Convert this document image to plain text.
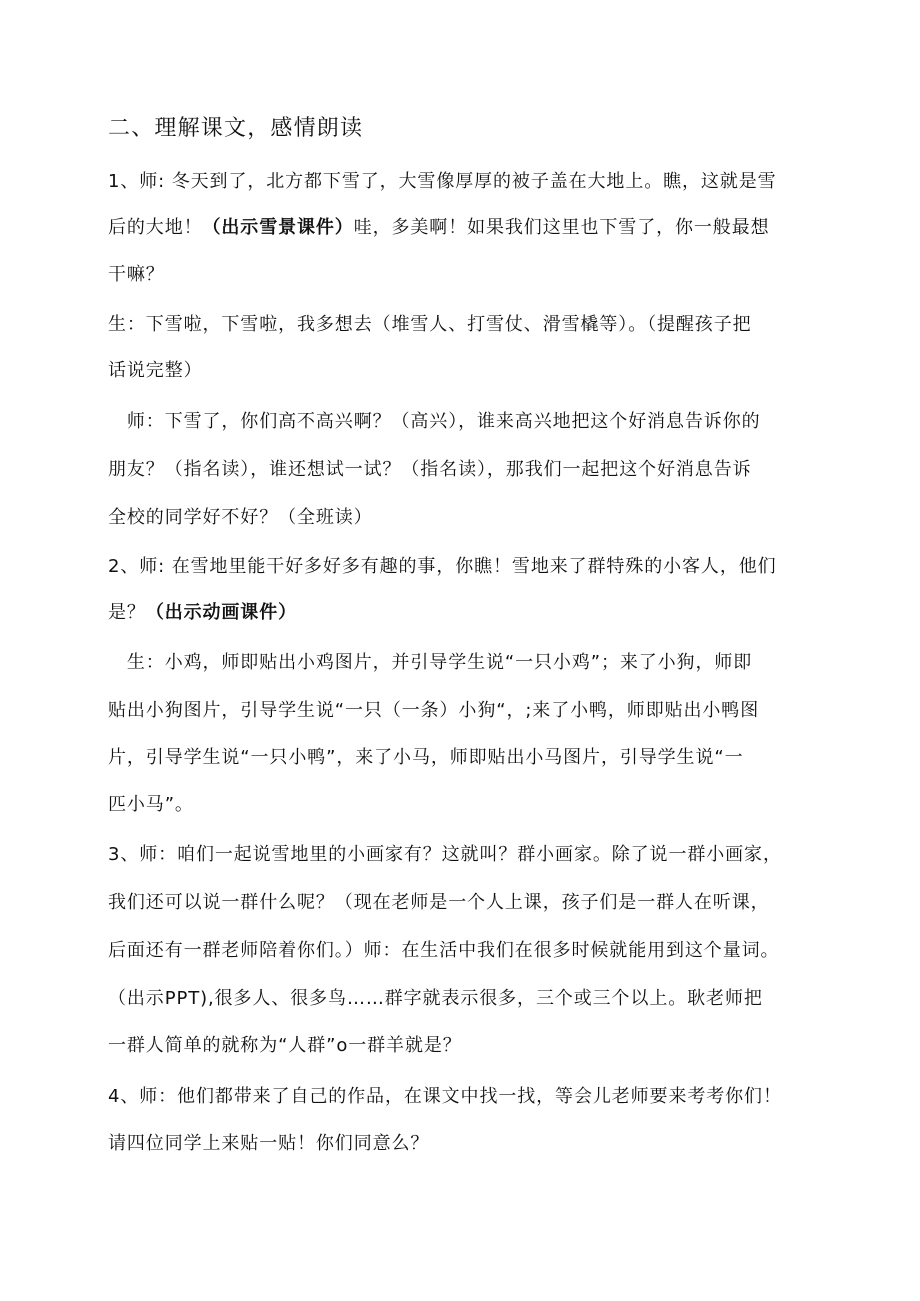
二、理解课文，感情朗读
1、师: 冬天到了，北方都下雪了，大雪像厚厚的被子盖在大地上。瞧，这就是雪
后的大地！（出示雪景课件）哇，多美啊！如果我们这里也下雪了，你一般最想
干嘛？
生：下雪啦，下雪啦，我多想去（堆雪人、打雪仗、滑雪橇等）。（提醒孩子把
话说完整）
　师：下雪了，你们高不高兴啊？（高兴），谁来高兴地把这个好消息告诉你的
朋友？（指名读），谁还想试一试？（指名读），那我们一起把这个好消息告诉
全校的同学好不好？（全班读）
2、师: 在雪地里能干好多好多有趣的事，你瞧！雪地来了群特殊的小客人，他们
是？（出示动画课件）
　生：小鸡，师即贴出小鸡图片，并引导学生说“一只小鸡”；来了小狗，师即
贴出小狗图片，引导学生说“一只（一条）小狗“，;来了小鸭，师即贴出小鸭图
片，引导学生说“一只小鸭”，来了小马，师即贴出小马图片，引导学生说“一
匹小马”。
3、师：咱们一起说雪地里的小画家有？这就叫？群小画家。除了说一群小画家，
我们还可以说一群什么呢？（现在老师是一个人上课，孩子们是一群人在听课，
后面还有一群老师陪着你们。）师：在生活中我们在很多时候就能用到这个量词。
（出示PPT),很多人、很多鸟……群字就表示很多，三个或三个以上。耿老师把
一群人简单的就称为“人群”o一群羊就是？
4、师：他们都带来了自己的作品，在课文中找一找，等会儿老师要来考考你们！
请四位同学上来贴一贴！你们同意么？
